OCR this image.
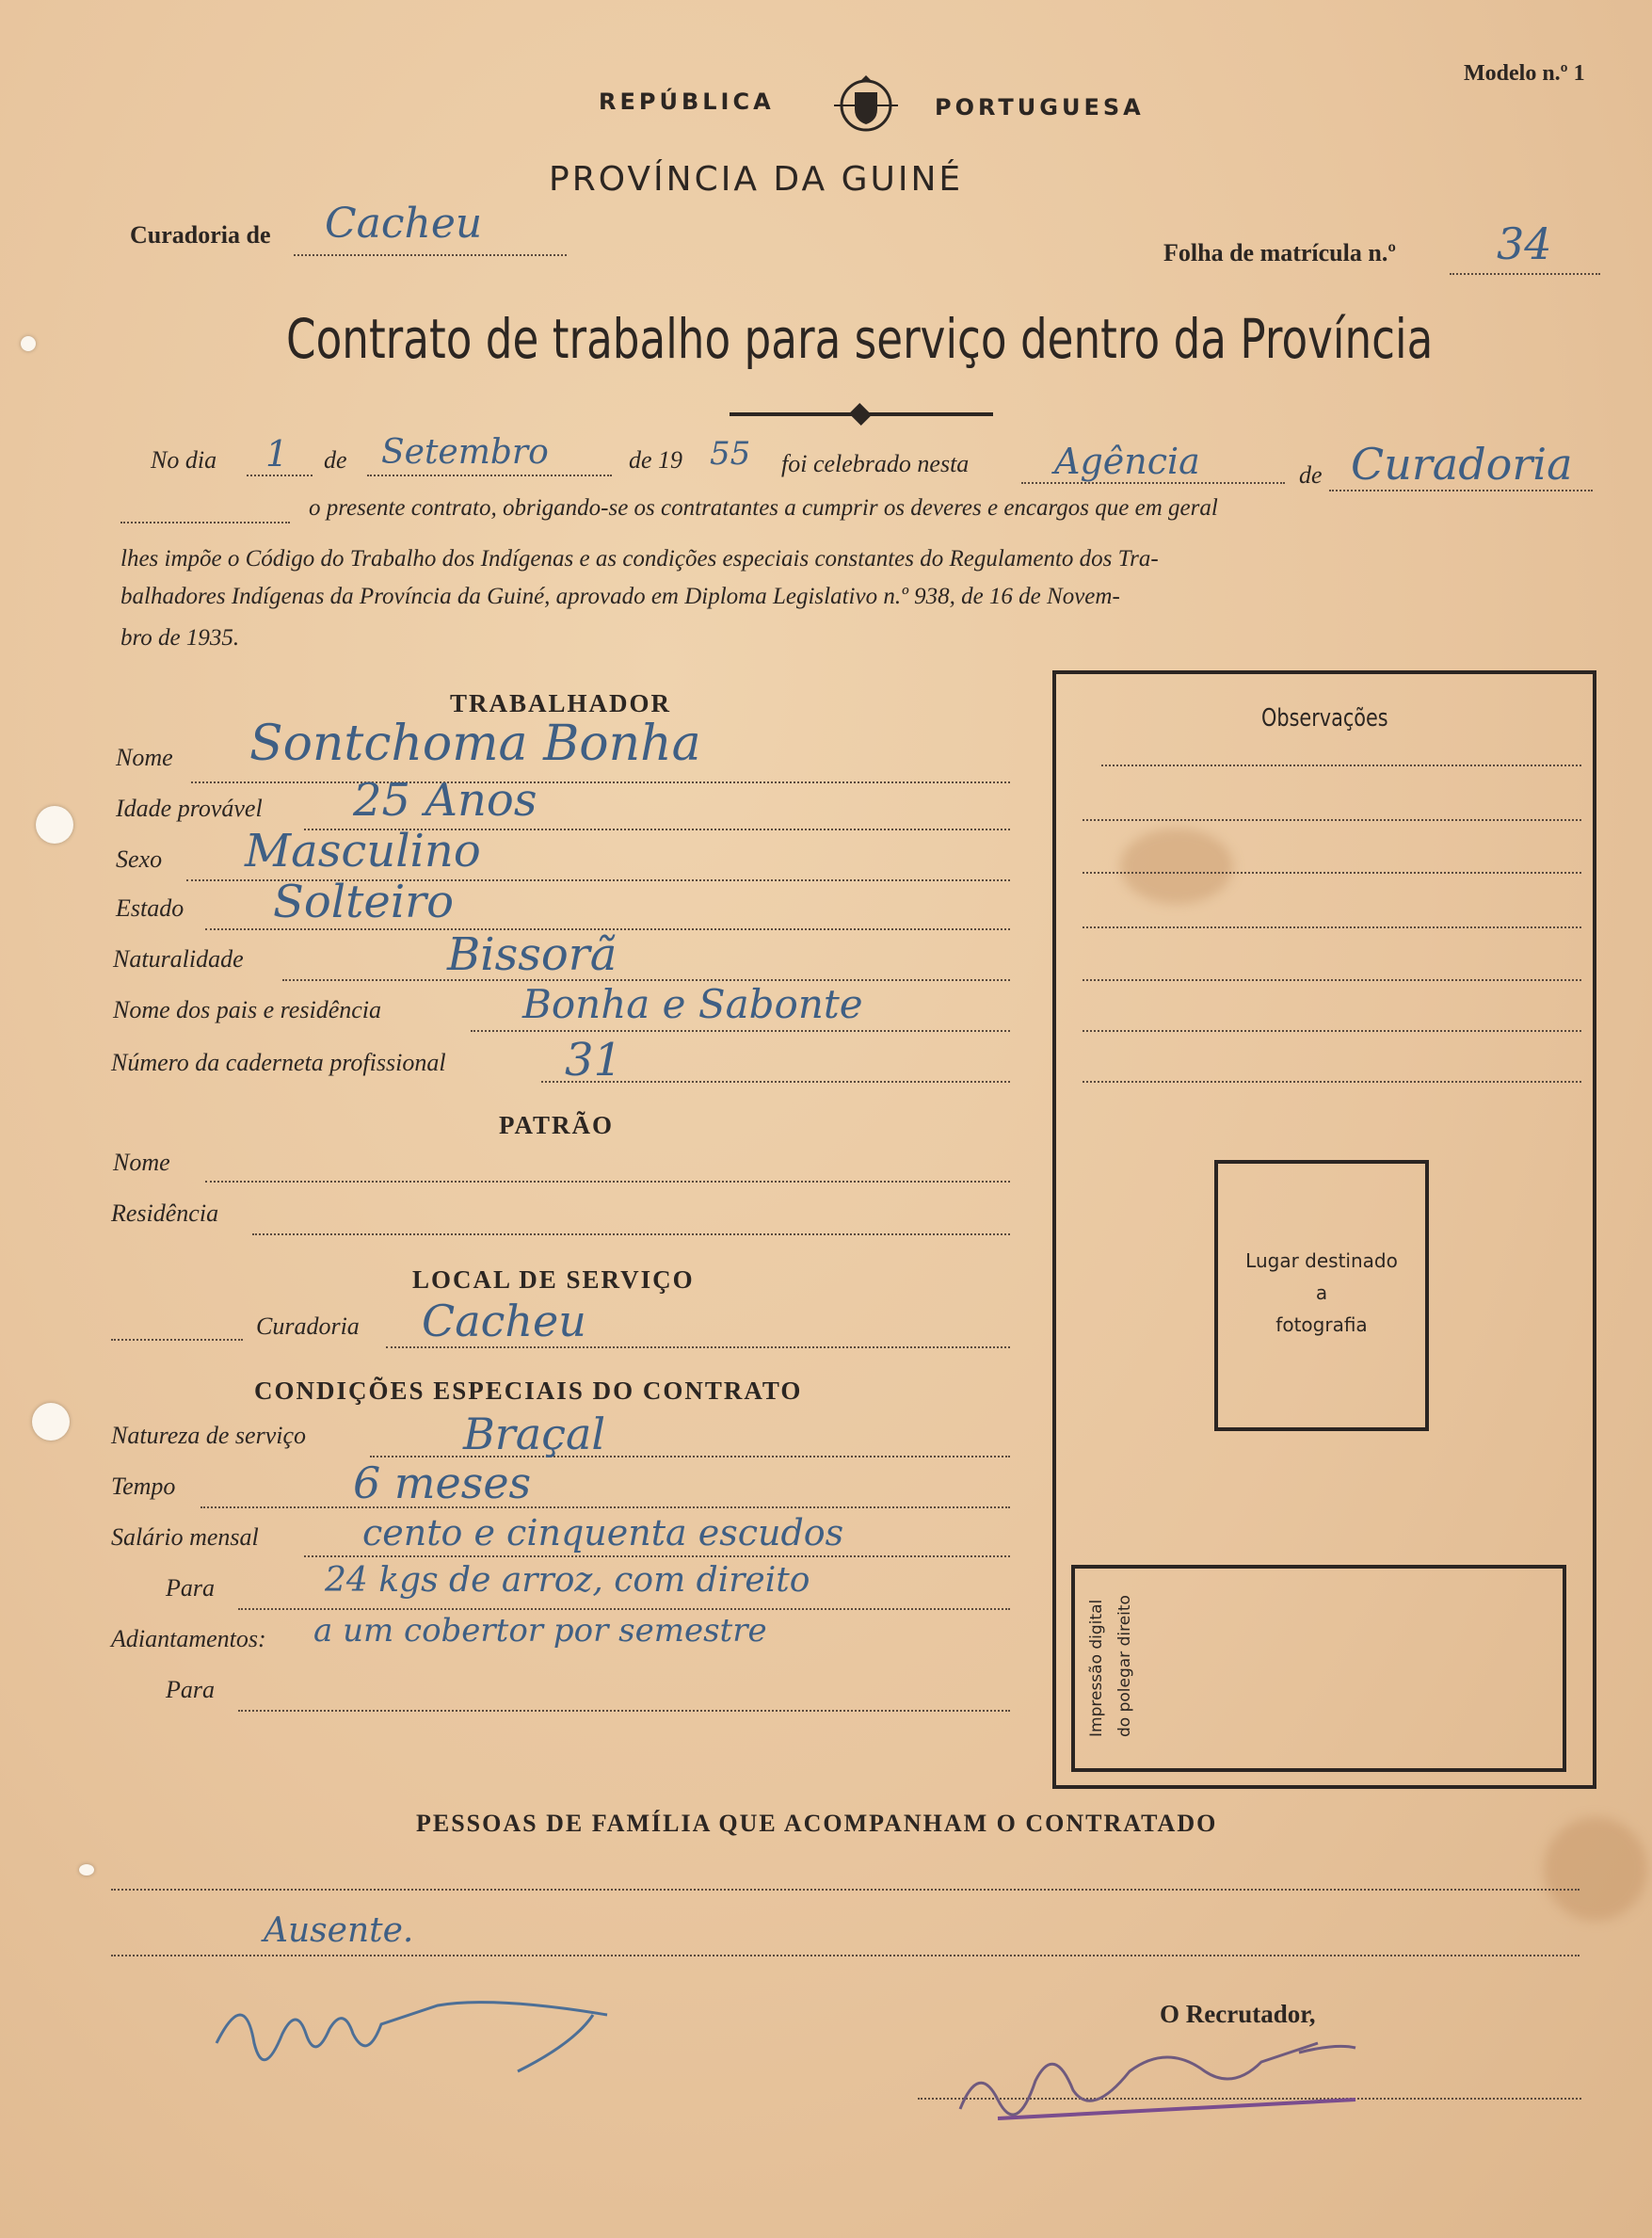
Modelo n.º 1
REPÚBLICA	PORTUGUESA
PROVÍNCIA DA GUINÉ
Curadoria de Cacheu
Folha de matrícula n.º 34
Contrato de trabalho para serviço dentro da Província
No dia 1 de Setembro	de 19 55 foi celebrado nesta Agência	de Curadoria
o presente contrato, obrigando-se os contratantes a cumprir os deveres e encargos que em geral
lhes impõe o Código do Trabalho dos Indígenas e as condições especiais constantes do Regulamento dos Tra-
balhadores Indígenas da Província da Guiné, aprovado em Diploma Legislativo n.º 938, de 16 de Novem-
bro de 1935.
TRABALHADOR
Nome Sontchoma Bonha
Idade provável 25 Anos
Sexo Masculino
Estado Solteiro
Naturalidade	Bissorã
Nome dos pais e residência	Bonha e Sabonte
Número da caderneta profissional	31
PATRÃO
Nome
Residência
LOCAL DE SERVIÇO
Curadoria Cacheu
CONDIÇÕES ESPECIAIS DO CONTRATO
Natureza de serviço	Braçal
Tempo	6 meses
Salário mensal	cento e cinquenta escudos
Para	24 kgs de arroz, com direito
Adiantamentos: a um cobertor por semestre
Para
Observações
Lugar destinado
a
fotografia
Impressão digital do polegar direito
PESSOAS DE FAMÍLIA QUE ACOMPANHAM O CONTRATADO
Ausente.
O Recrutador,
